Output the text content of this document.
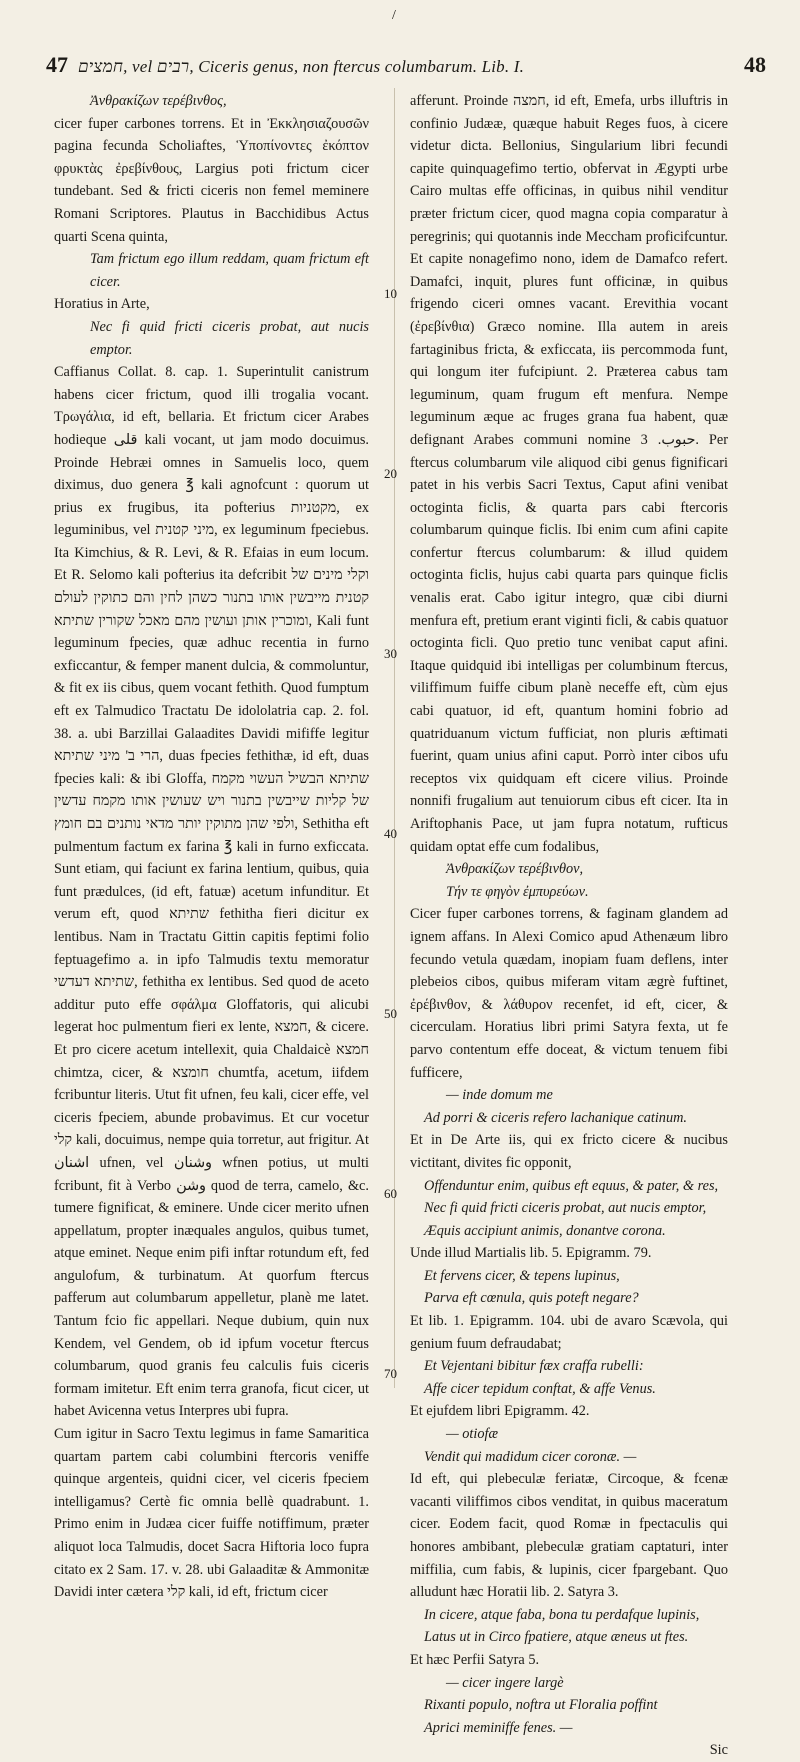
/
47 חמצים, vel רבים, Ciceris genus, non ftercus columbarum. Lib. I.	48
10
20
30
40
50
60
70

Ἀνθρακίζων τερέβινθος,

cicer fuper carbones torrens. Et in Ἐκκλησιαζουσῶν pagina fecunda Scholiaftes, Ὑποπίνοντες ἐκόπτον φρυκτὰς ἐρεβίνθους, Largius poti frictum cicer tundebant. Sed & fricti ciceris non femel meminere Romani Scriptores. Plautus in Bacchidibus Actus quarti Scena quinta,

Tam frictum ego illum reddam, quam frictum eft cicer.

Horatius in Arte,

Nec fi quid fricti ciceris probat, aut nucis emptor.

Caffianus Collat. 8. cap. 1. Superintulit canistrum habens cicer frictum, quod illi trogalia vocant. Τρωγάλια, id eft, bellaria. Et frictum cicer Arabes hodieque قلى kali vocant, ut jam modo docuimus. Proinde Hebræi omnes in Samuelis loco, quem diximus, duo genera ℥ kali agnofcunt : quorum ut prius ex frugibus, ita pofterius מקטניות, ex leguminibus, vel מיני קטנית, ex leguminum fpeciebus. Ita Kimchius, & R. Levi, & R. Efaias in eum locum. Et R. Selomo kali pofterius ita defcribit וקלי מינים של קטנית מייבשין אותו בתנור כשהן לחין והם כתוקין לעולם ומוכרין אותן ועושין מהם מאכל שקורין שתיתא, Kali funt leguminum fpecies, quæ adhuc recentia in furno exficcantur, & femper manent dulcia, & commoluntur, & fit ex iis cibus, quem vocant fethith. Quod fumptum eft ex Talmudico Tractatu De idololatria cap. 2. fol. 38. a. ubi Barzillai Galaadites Davidi mififfe legitur הרי ב' מיני שתיתא, duas fpecies fethithæ, id eft, duas fpecies kali: & ibi Gloffa, שתיתא הבשיל העשוי מקמח של קליות שייבשין בתנור ויש שעושין אותו מקמח עדשין ולפי שהן מתוקין יותר מדאי נותנים בם חומץ, Sethitha eft pulmentum factum ex farina ℥ kali in furno exficcata. Sunt etiam, qui faciunt ex farina lentium, quibus, quia funt prædulces, (id eft, fatuæ) acetum infunditur. Et verum eft, quod שתיתא fethitha fieri dicitur ex lentibus. Nam in Tractatu Gittin capitis feptimi folio feptuagefimo a. in ipfo Talmudis textu memoratur שתיתא דעדשי, fethitha ex lentibus. Sed quod de aceto additur puto effe σφάλμα Gloffatoris, qui alicubi legerat hoc pulmentum fieri ex lente, חמצא, & cicere. Et pro cicere acetum intellexit, quia Chaldaicè חמצא chimtza, cicer, & חומצא chumtfa, acetum, iifdem fcribuntur literis. Utut fit ufnen, feu kali, cicer effe, vel ciceris fpeciem, abunde probavimus. Et cur vocetur קלי kali, docuimus, nempe quia torretur, aut frigitur. At اشنان ufnen, vel وشنان wfnen potius, ut multi fcribunt, fit à Verbo وشن quod de terra, camelo, &c. tumere fignificat, & eminere. Unde cicer merito ufnen appellatum, propter inæquales angulos, quibus tumet, atque eminet. Neque enim pifi inftar rotundum eft, fed angulofum, & turbinatum. At quorfum ftercus pafferum aut columbarum appelletur, planè me latet. Tantum fcio fic appellari. Neque dubium, quin nux Kendem, vel Gendem, ob id ipfum vocetur ftercus columbarum, quod granis feu calculis fuis ciceris formam imitetur. Eft enim terra granofa, ficut cicer, ut habet Avicenna vetus Interpres ubi fupra.

Cum igitur in Sacro Textu legimus in fame Samaritica quartam partem cabi columbini ftercoris veniffe quinque argenteis, quidni cicer, vel ciceris fpeciem intelligamus? Certè fic omnia bellè quadrabunt. 1. Primo enim in Judæa cicer fuiffe notiffimum, præter aliquot loca Talmudis, docet Sacra Hiftoria loco fupra citato ex 2 Sam. 17. v. 28. ubi Galaaditæ & Ammonitæ Davidi inter cætera קלי kali, id eft, frictum cicer

afferunt. Proinde חמצה, id eft, Emefa, urbs illuftris in confinio Judææ, quæque habuit Reges fuos, à cicere videtur dicta. Bellonius, Singularium libri fecundi capite quinquagefimo tertio, obfervat in Ægypti urbe Cairo multas effe officinas, in quibus nihil venditur præter frictum cicer, quod magna copia comparatur à peregrinis; qui quotannis inde Meccham proficifcuntur. Et capite nonagefimo nono, idem de Damafco refert. Damafci, inquit, plures funt officinæ, in quibus frigendo ciceri omnes vacant. Erevithia vocant (ἐρεβίνθια) Græco nomine. Illa autem in areis fartaginibus fricta, & exficcata, iis percommoda funt, qui longum iter fufcipiunt. 2. Præterea cabus tam leguminum, quam frugum eft menfura. Nempe leguminum æque ac fruges grana fua habent, quæ defignant Arabes communi nomine حبوب. 3. Per ftercus columbarum vile aliquod cibi genus fignificari patet in his verbis Sacri Textus, Caput afini venibat octoginta ficlis, & quarta pars cabi ftercoris columbarum quinque ficlis. Ibi enim cum afini capite confertur ftercus columbarum: & illud quidem octoginta ficlis, hujus cabi quarta pars quinque ficlis venalis erat. Cabo igitur integro, quæ cibi diurni menfura eft, pretium erant viginti ficli, & cabis quatuor octoginta ficli. Quo pretio tunc venibat caput afini. Itaque quidquid ibi intelligas per columbinum ftercus, viliffimum fuiffe cibum planè neceffe eft, cùm ejus cabi quatuor, id eft, quantum homini fobrio ad quatriduanum victum fufficiat, non pluris æftimati fuerint, quam unius afini caput. Porrò inter cibos ufu receptos vix quidquam eft cicere vilius. Proinde nonnifi frugalium aut tenuiorum cibus eft cicer. Ita in Ariftophanis Pace, ut jam fupra notatum, rufticus quidam optat effe cum fodalibus,

Ἀνθρακίζων τερέβινθον,

Τήν τε φηγὸν ἐμπυρεύων.

Cicer fuper carbones torrens, & faginam glandem ad ignem affans. In Alexi Comico apud Athenæum libro fecundo vetula quædam, inopiam fuam deflens, inter plebeios cibos, quibus miferam vitam ægrè fuftinet, ἐρέβινθον, & λάθυρον recenfet, id eft, cicer, & cicerculam. Horatius libri primi Satyra fexta, ut fe parvo contentum effe doceat, & victum tenuem fibi fufficere,

— inde domum me

Ad porri & ciceris refero lachanique catinum.

Et in De Arte iis, qui ex fricto cicere & nucibus victitant, divites fic opponit,

Offenduntur enim, quibus eft equus, & pater, & res,

Nec fi quid fricti ciceris probat, aut nucis emptor,

Æquis accipiunt animis, donantve corona.

Unde illud Martialis lib. 5. Epigramm. 79.

Et fervens cicer, & tepens lupinus,

Parva eft cœnula, quis poteft negare?

Et lib. 1. Epigramm. 104. ubi de avaro Scævola, qui genium fuum defraudabat;

Et Vejentani bibitur fæx craffa rubelli:

Affe cicer tepidum conftat, & affe Venus.

Et ejufdem libri Epigramm. 42.

— otiofæ

Vendit qui madidum cicer coronæ. —

Id eft, qui plebeculæ feriatæ, Circoque, & fcenæ vacanti viliffimos cibos venditat, in quibus maceratum cicer. Eodem facit, quod Romæ in fpectaculis qui honores ambibant, plebeculæ gratiam captaturi, inter miffilia, cum fabis, & lupinis, cicer fpargebant. Quo alludunt hæc Horatii lib. 2. Satyra 3.

In cicere, atque faba, bona tu perdafque lupinis,

Latus ut in Circo fpatiere, atque æneus ut ftes.

Et hæc Perfii Satyra 5.

— cicer ingere largè

Rixanti populo, noftra ut Floralia poffint

Aprici meminiffe fenes. —

Sic
